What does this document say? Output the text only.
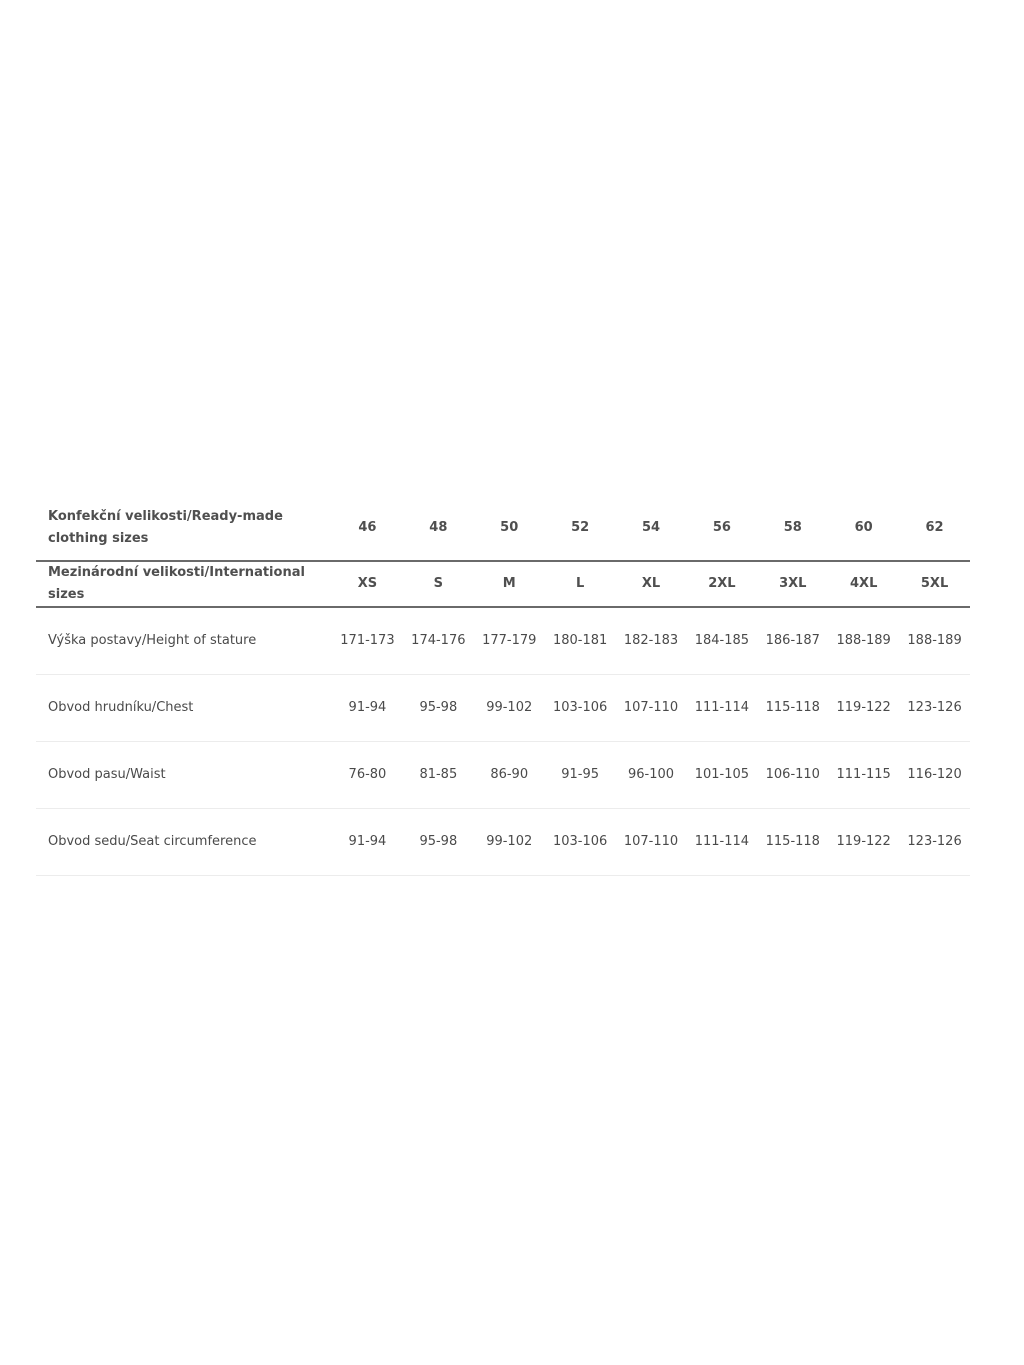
Konfekční velikosti/Ready-made clothing sizes	46	48	50	52	54	56	58	60	62
Mezinárodní velikosti/International sizes	XS	S	M	L	XL	2XL	3XL	4XL	5XL
Výška postavy/Height of stature	171-173	174-176	177-179	180-181	182-183	184-185	186-187	188-189	188-189
Obvod hrudníku/Chest	91-94	95-98	99-102	103-106	107-110	111-114	115-118	119-122	123-126
Obvod pasu/Waist	76-80	81-85	86-90	91-95	96-100	101-105	106-110	111-115	116-120
Obvod sedu/Seat circumference	91-94	95-98	99-102	103-106	107-110	111-114	115-118	119-122	123-126
